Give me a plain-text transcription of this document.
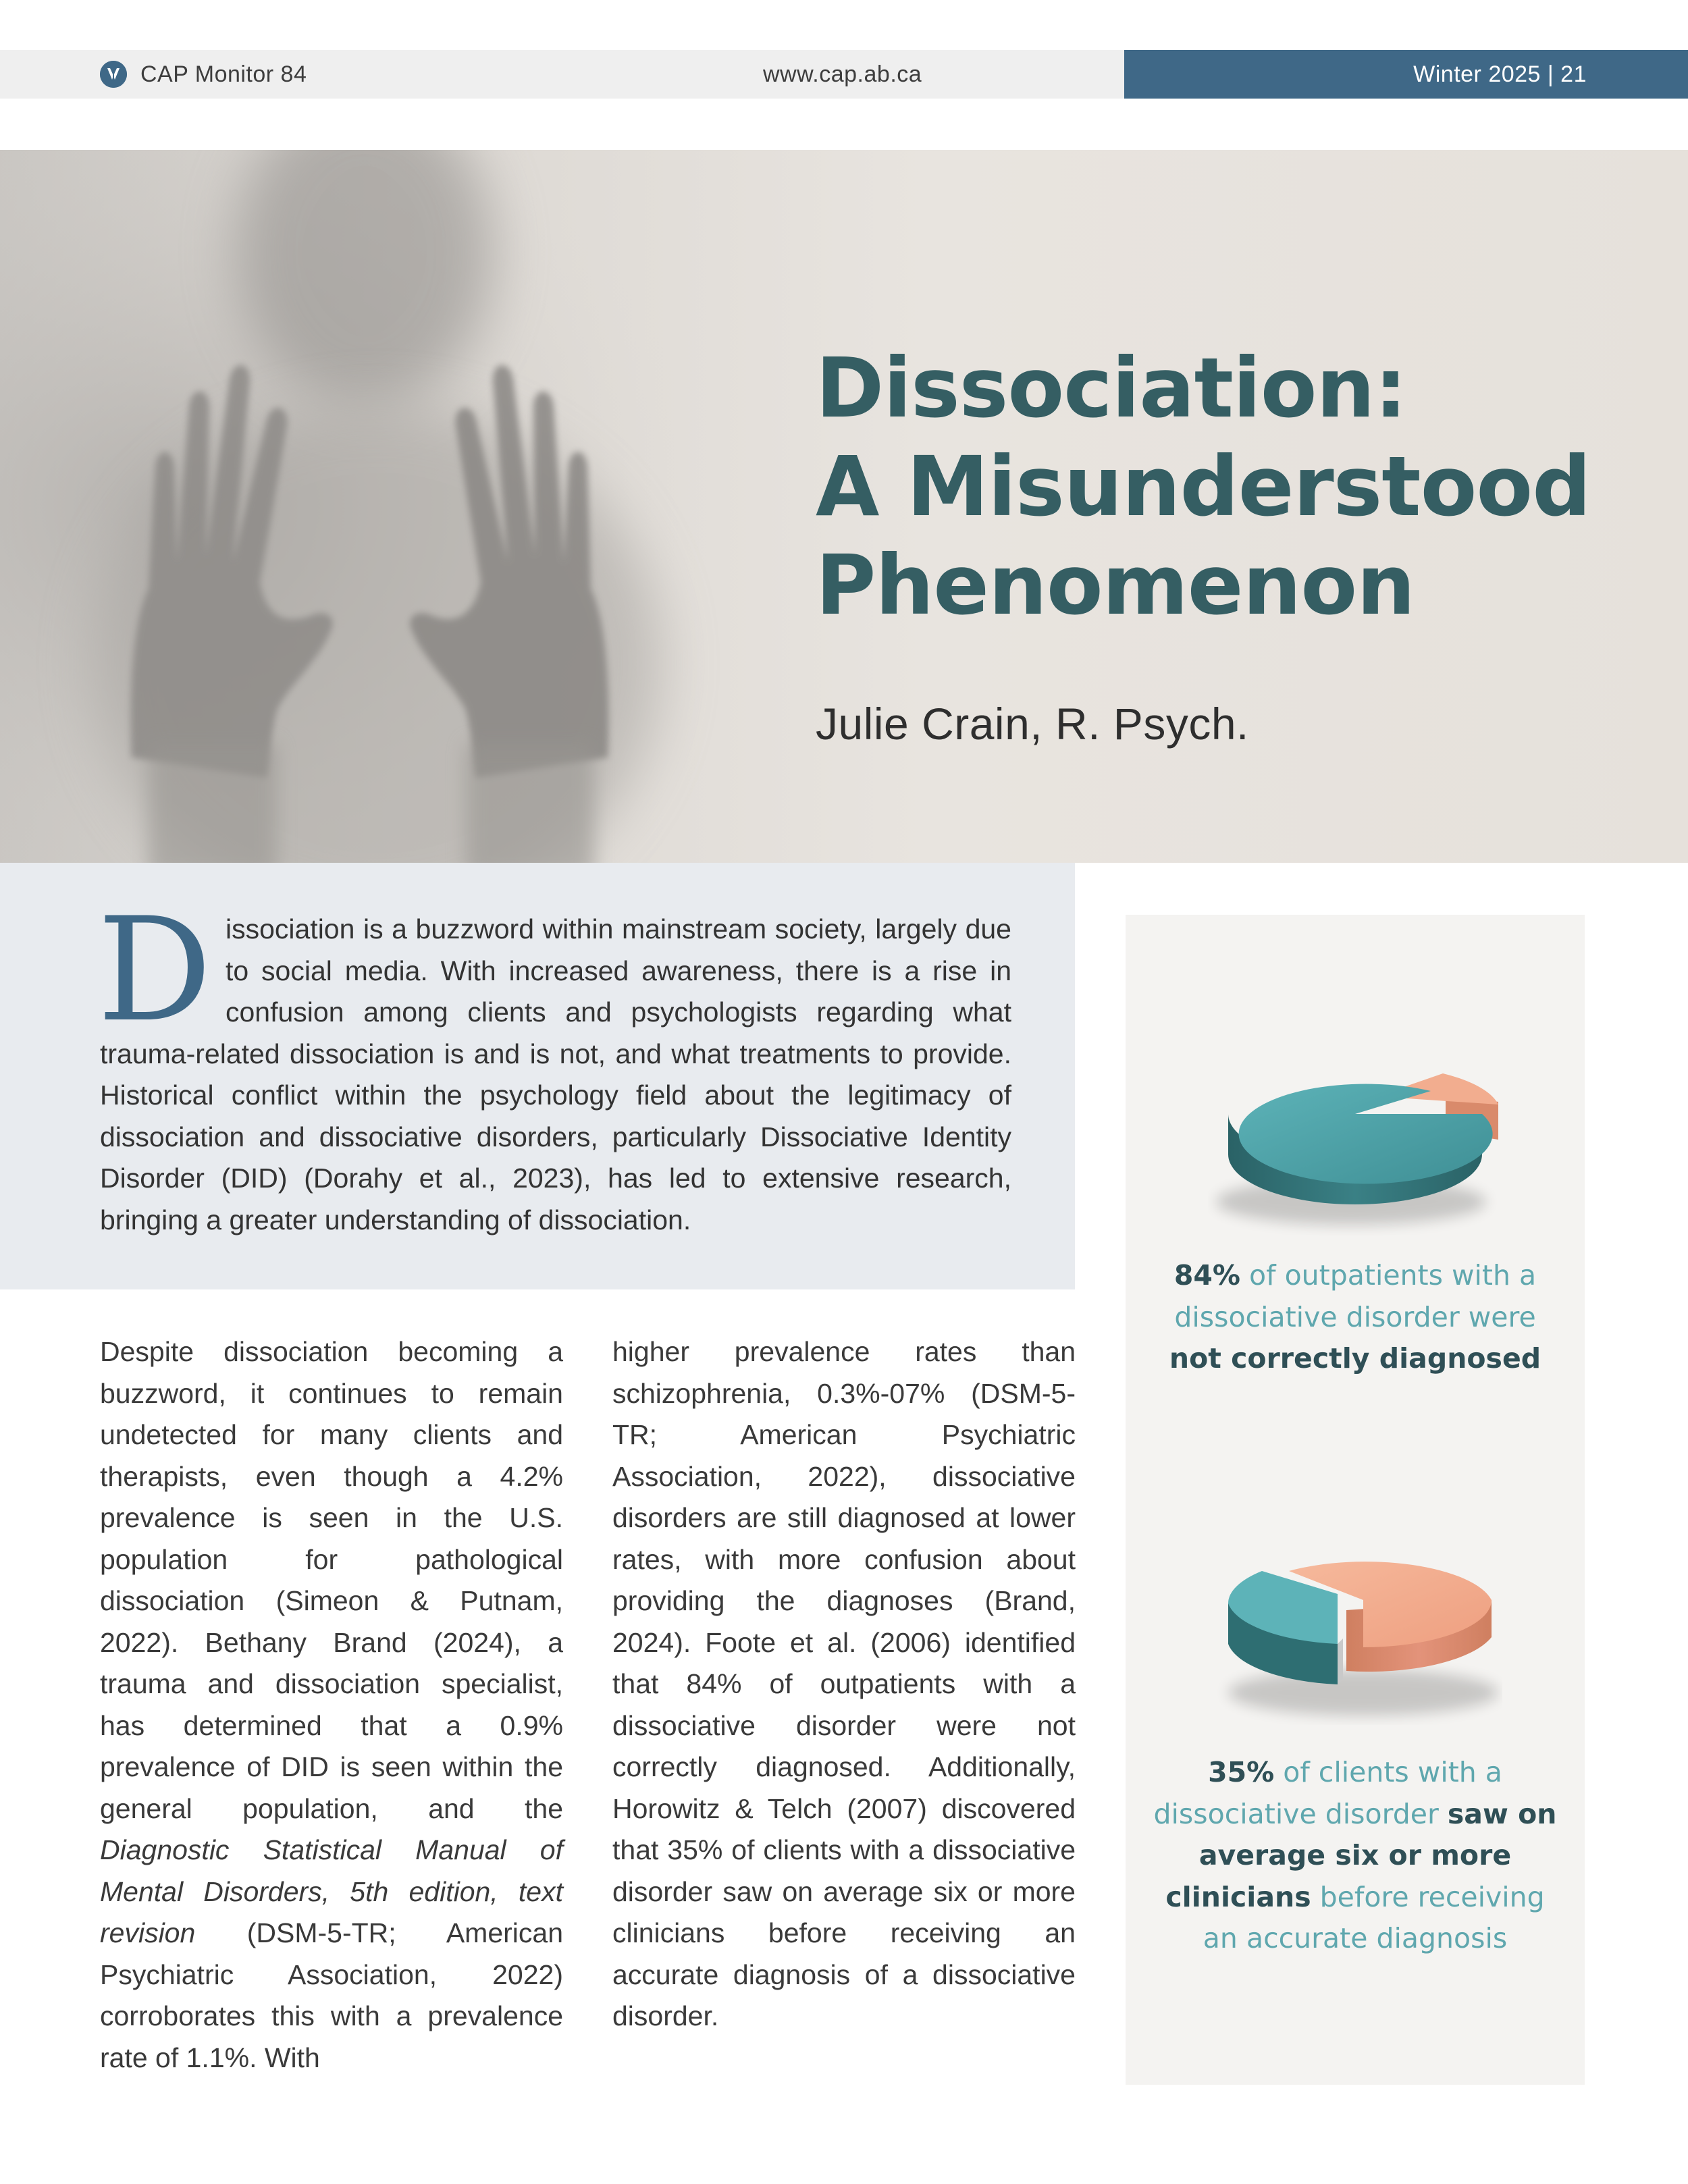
CAP Monitor 84	www.cap.ab.ca	Winter 2025 | 21
Dissociation:
A Misunderstood
Phenomenon
Julie Crain, R. Psych.

Dissociation is a buzzword within mainstream society, largely due to social media. With increased awareness, there is a rise in confusion among clients and psychologists regarding what trauma-related dissociation is and is not, and what treatments to provide. Historical conflict within the psychology field about the legitimacy of dissociation and dissociative disorders, particularly Dissociative Identity Disorder (DID) (Dorahy et al., 2023), has led to extensive research, bringing a greater understanding of dissociation.

Despite dissociation becoming a buzzword, it continues to remain undetected for many clients and therapists, even though a 4.2% prevalence is seen in the U.S. population for pathological dissociation (Simeon & Putnam, 2022). Bethany Brand (2024), a trauma and dissociation specialist, has determined that a 0.9% prevalence of DID is seen within the general population, and the Diagnostic Statistical Manual of Mental Disorders, 5th edition, text revision (DSM-5-TR; American Psychiatric Association, 2022) corroborates this with a prevalence rate of 1.1%. With

higher prevalence rates than schizophrenia, 0.3%-07% (DSM-5-TR; American Psychiatric Association, 2022), dissociative disorders are still diagnosed at lower rates, with more confusion about providing the diagnoses (Brand, 2024). Foote et al. (2006) identified that 84% of outpatients with a dissociative disorder were not correctly diagnosed. Additionally, Horowitz & Telch (2007) discovered that 35% of clients with a dissociative disorder saw on average six or more clinicians before receiving an accurate diagnosis of a dissociative disorder.

84% of outpatients with a dissociative disorder were not correctly diagnosed

35% of clients with a dissociative disorder saw on average six or more clinicians before receiving an accurate diagnosis
